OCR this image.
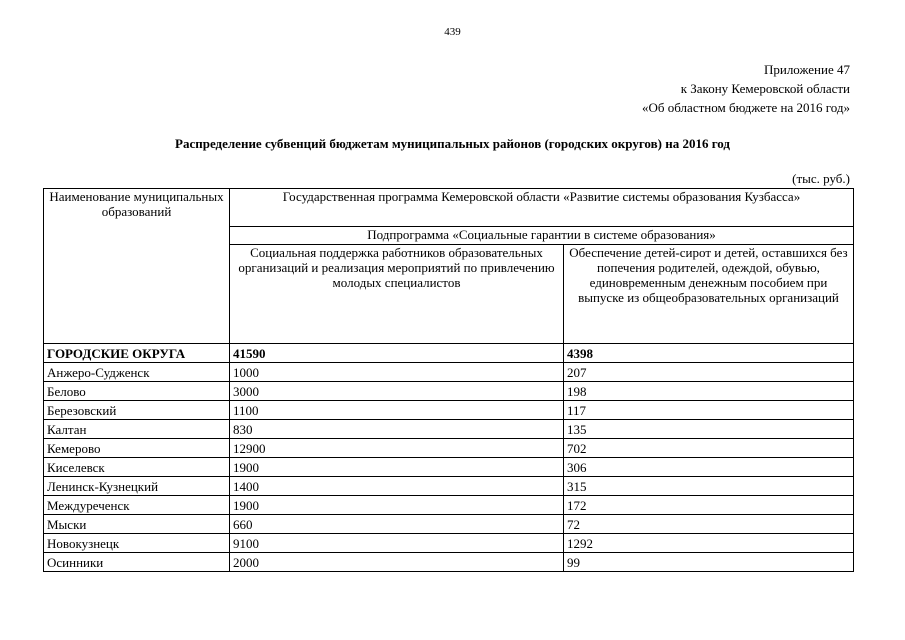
439
Приложение 47
к Закону Кемеровской области
«Об областном бюджете на 2016 год»
Распределение субвенций бюджетам муниципальных районов (городских округов) на 2016 год
(тыс. руб.)
Наименование муниципальных образований	Государственная программа Кемеровской области «Развитие системы образования Кузбасса»	
	Подпрограмма «Социальные гарантии в системе образования»	
	Социальная поддержка работников образовательных организаций и реализация мероприятий по привлечению молодых специалистов	Обеспечение детей-сирот и детей, оставшихся без попечения родителей, одеждой, обувью, единовременным денежным пособием при выпуске из общеобразовательных организаций
ГОРОДСКИЕ ОКРУГА	41590	4398
Анжеро-Судженск	1000	207
Белово	3000	198
Березовский	1100	117
Калтан	830	135
Кемерово	12900	702
Киселевск	1900	306
Ленинск-Кузнецкий	1400	315
Междуреченск	1900	172
Мыски	660	72
Новокузнецк	9100	1292
Осинники	2000	99
